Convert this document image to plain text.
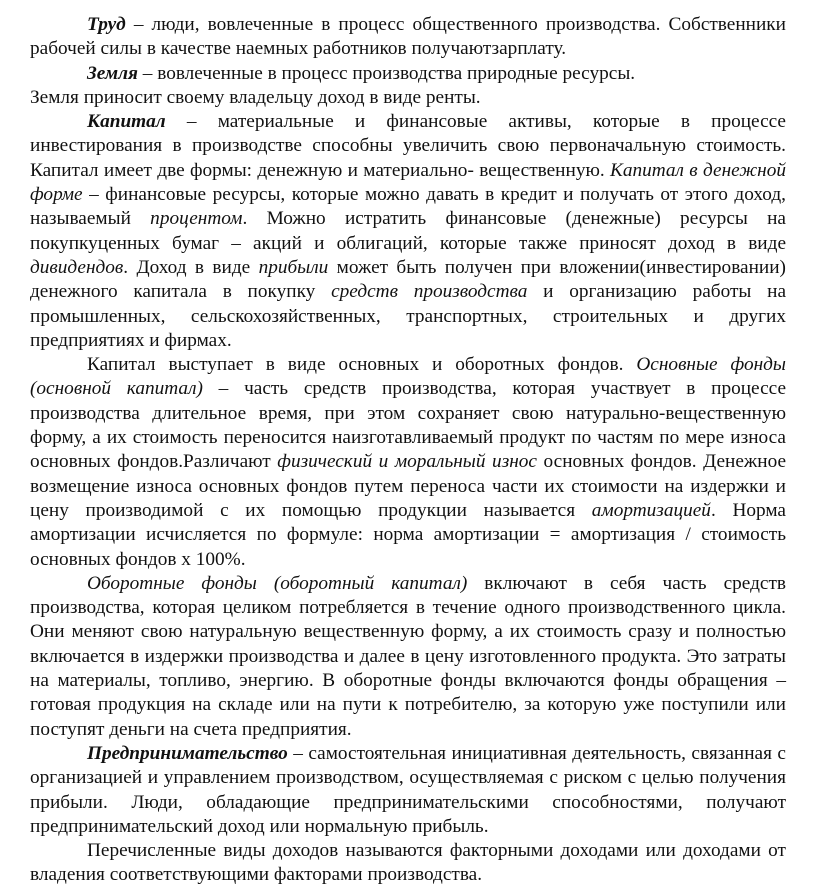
Труд – люди, вовлеченные в процесс общественного производства. Собственники рабочей силы в качестве наемных работников получаютзарплату.

Земля – вовлеченные в процесс производства природные ресурсы.

Земля приносит своему владельцу доход в виде ренты.

Капитал – материальные и финансовые активы, которые в процессе инвестирования в производстве способны увеличить свою первоначальную стоимость. Капитал имеет две формы: денежную и материально- вещественную. Капитал в денежной форме – финансовые ресурсы, которые можно давать в кредит и получать от этого доход, называемый процентом. Можно истратить финансовые (денежные) ресурсы на покупкуценных бумаг – акций и облигаций, которые также приносят доход в виде дивидендов. Доход в виде прибыли может быть получен при вложении(инвестировании) денежного капитала в покупку средств производства и организацию работы на промышленных, сельскохозяйственных, транспортных, строительных и других предприятиях и фирмах.

Капитал выступает в виде основных и оборотных фондов. Основные фонды (основной капитал) – часть средств производства, которая участвует в процессе производства длительное время, при этом сохраняет свою натурально-вещественную форму, а их стоимость переносится наизготавливаемый продукт по частям по мере износа основных фондов.Различают физический и моральный износ основных фондов. Денежное возмещение износа основных фондов путем переноса части их стоимости на издержки и цену производимой с их помощью продукции называется амортизацией. Норма амортизации исчисляется по формуле: норма амортизации = амортизация / стоимость основных фондов х 100%.

Оборотные фонды (оборотный капитал) включают в себя часть средств производства, которая целиком потребляется в течение одного производственного цикла. Они меняют свою натуральную вещественную форму, а их стоимость сразу и полностью включается в издержки производства и далее в цену изготовленного продукта. Это затраты на материалы, топливо, энергию. В оборотные фонды включаются фонды обращения – готовая продукция на складе или на пути к потребителю, за которую уже поступили или поступят деньги на счета предприятия.

Предпринимательство – самостоятельная инициативная деятельность, связанная с организацией и управлением производством, осуществляемая с риском с целью получения прибыли. Люди, обладающие предпринимательскими способностями, получают предпринимательский доход или нормальную прибыль.

Перечисленные виды доходов называются факторными доходами или доходами от владения соответствующими факторами производства.
